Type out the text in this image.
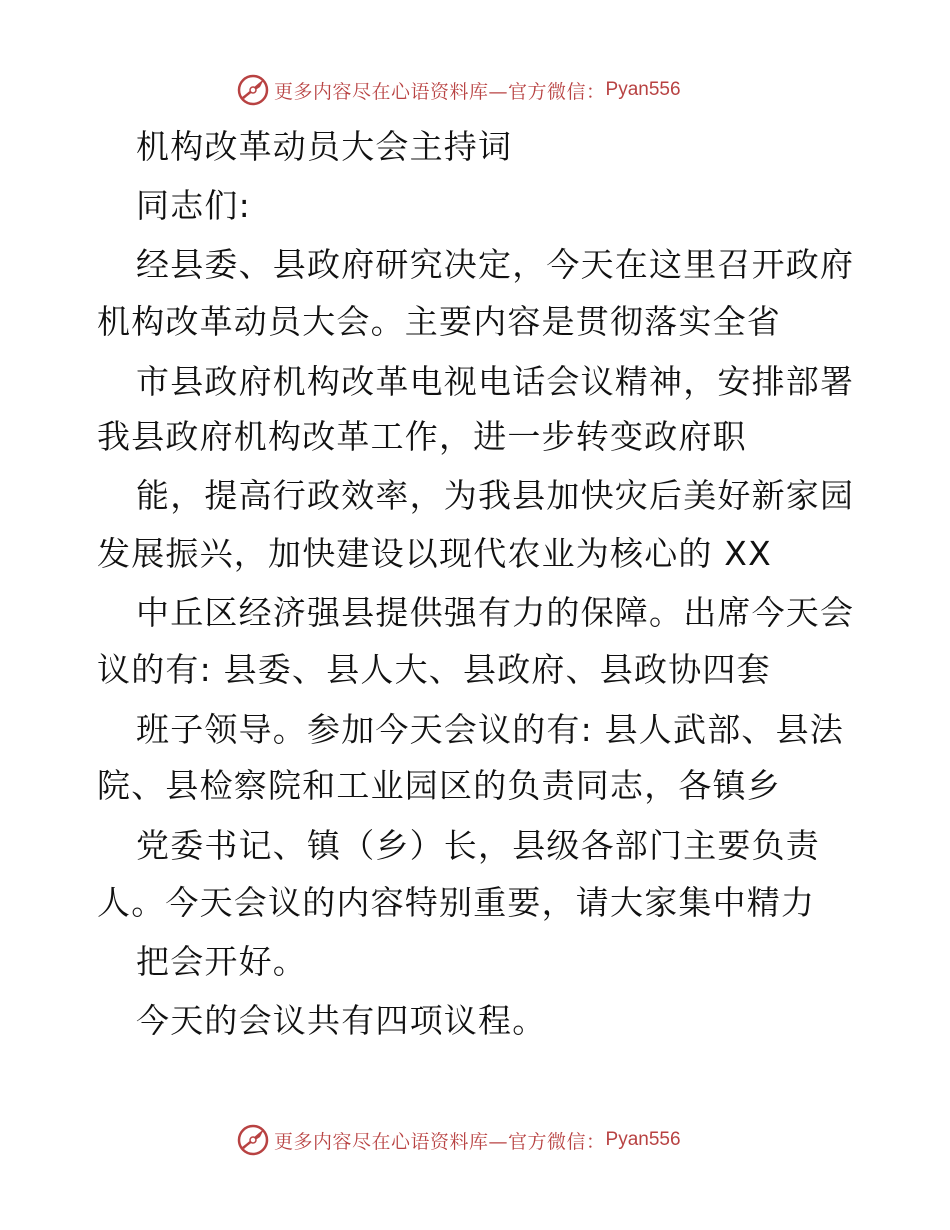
更多内容尽在心语资料库—官方微信： Pyan556
机构改革动员大会主持词
同志们:
经县委、县政府研究决定，今天在这里召开政府
机构改革动员大会。主要内容是贯彻落实全省
市县政府机构改革电视电话会议精神，安排部署
我县政府机构改革工作，进一步转变政府职
能，提高行政效率，为我县加快灾后美好新家园
发展振兴，加快建设以现代农业为核心的 XX
中丘区经济强县提供强有力的保障。出席今天会
议的有: 县委、县人大、县政府、县政协四套
班子领导。参加今天会议的有: 县人武部、县法
院、县检察院和工业园区的负责同志，各镇乡
党委书记、镇（乡）长，县级各部门主要负责
人。今天会议的内容特别重要，请大家集中精力
把会开好。
今天的会议共有四项议程。
更多内容尽在心语资料库—官方微信： Pyan556
